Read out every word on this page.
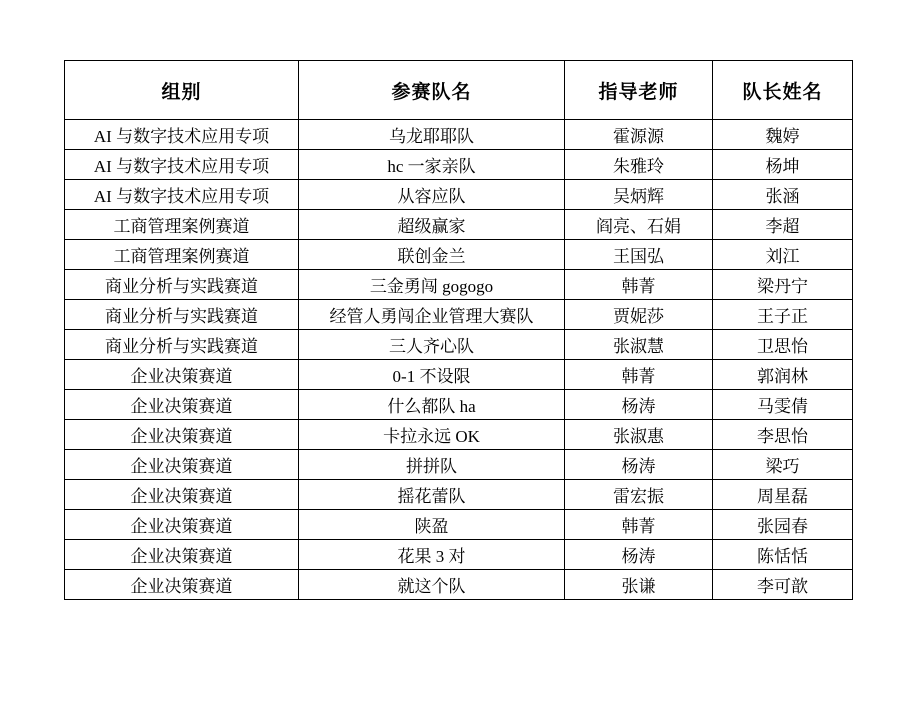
组别	参赛队名	指导老师	队长姓名
AI 与数字技术应用专项	乌龙耶耶队	霍源源	魏婷
AI 与数字技术应用专项	hc 一家亲队	朱雅玲	杨坤
AI 与数字技术应用专项	从容应队	吴炳辉	张涵
工商管理案例赛道	超级赢家	阎亮、石娟	李超
工商管理案例赛道	联创金兰	王国弘	刘江
商业分析与实践赛道	三金勇闯 gogogo	韩菁	梁丹宁
商业分析与实践赛道	经管人勇闯企业管理大赛队	贾妮莎	王子正
商业分析与实践赛道	三人齐心队	张淑慧	卫思怡
企业决策赛道	0-1 不设限	韩菁	郭润林
企业决策赛道	什么都队 ha	杨涛	马雯倩
企业决策赛道	卡拉永远 OK	张淑惠	李思怡
企业决策赛道	拼拼队	杨涛	梁巧
企业决策赛道	摇花蕾队	雷宏振	周星磊
企业决策赛道	陕盈	韩菁	张园春
企业决策赛道	花果 3 对	杨涛	陈恬恬
企业决策赛道	就这个队	张谦	李可歆
